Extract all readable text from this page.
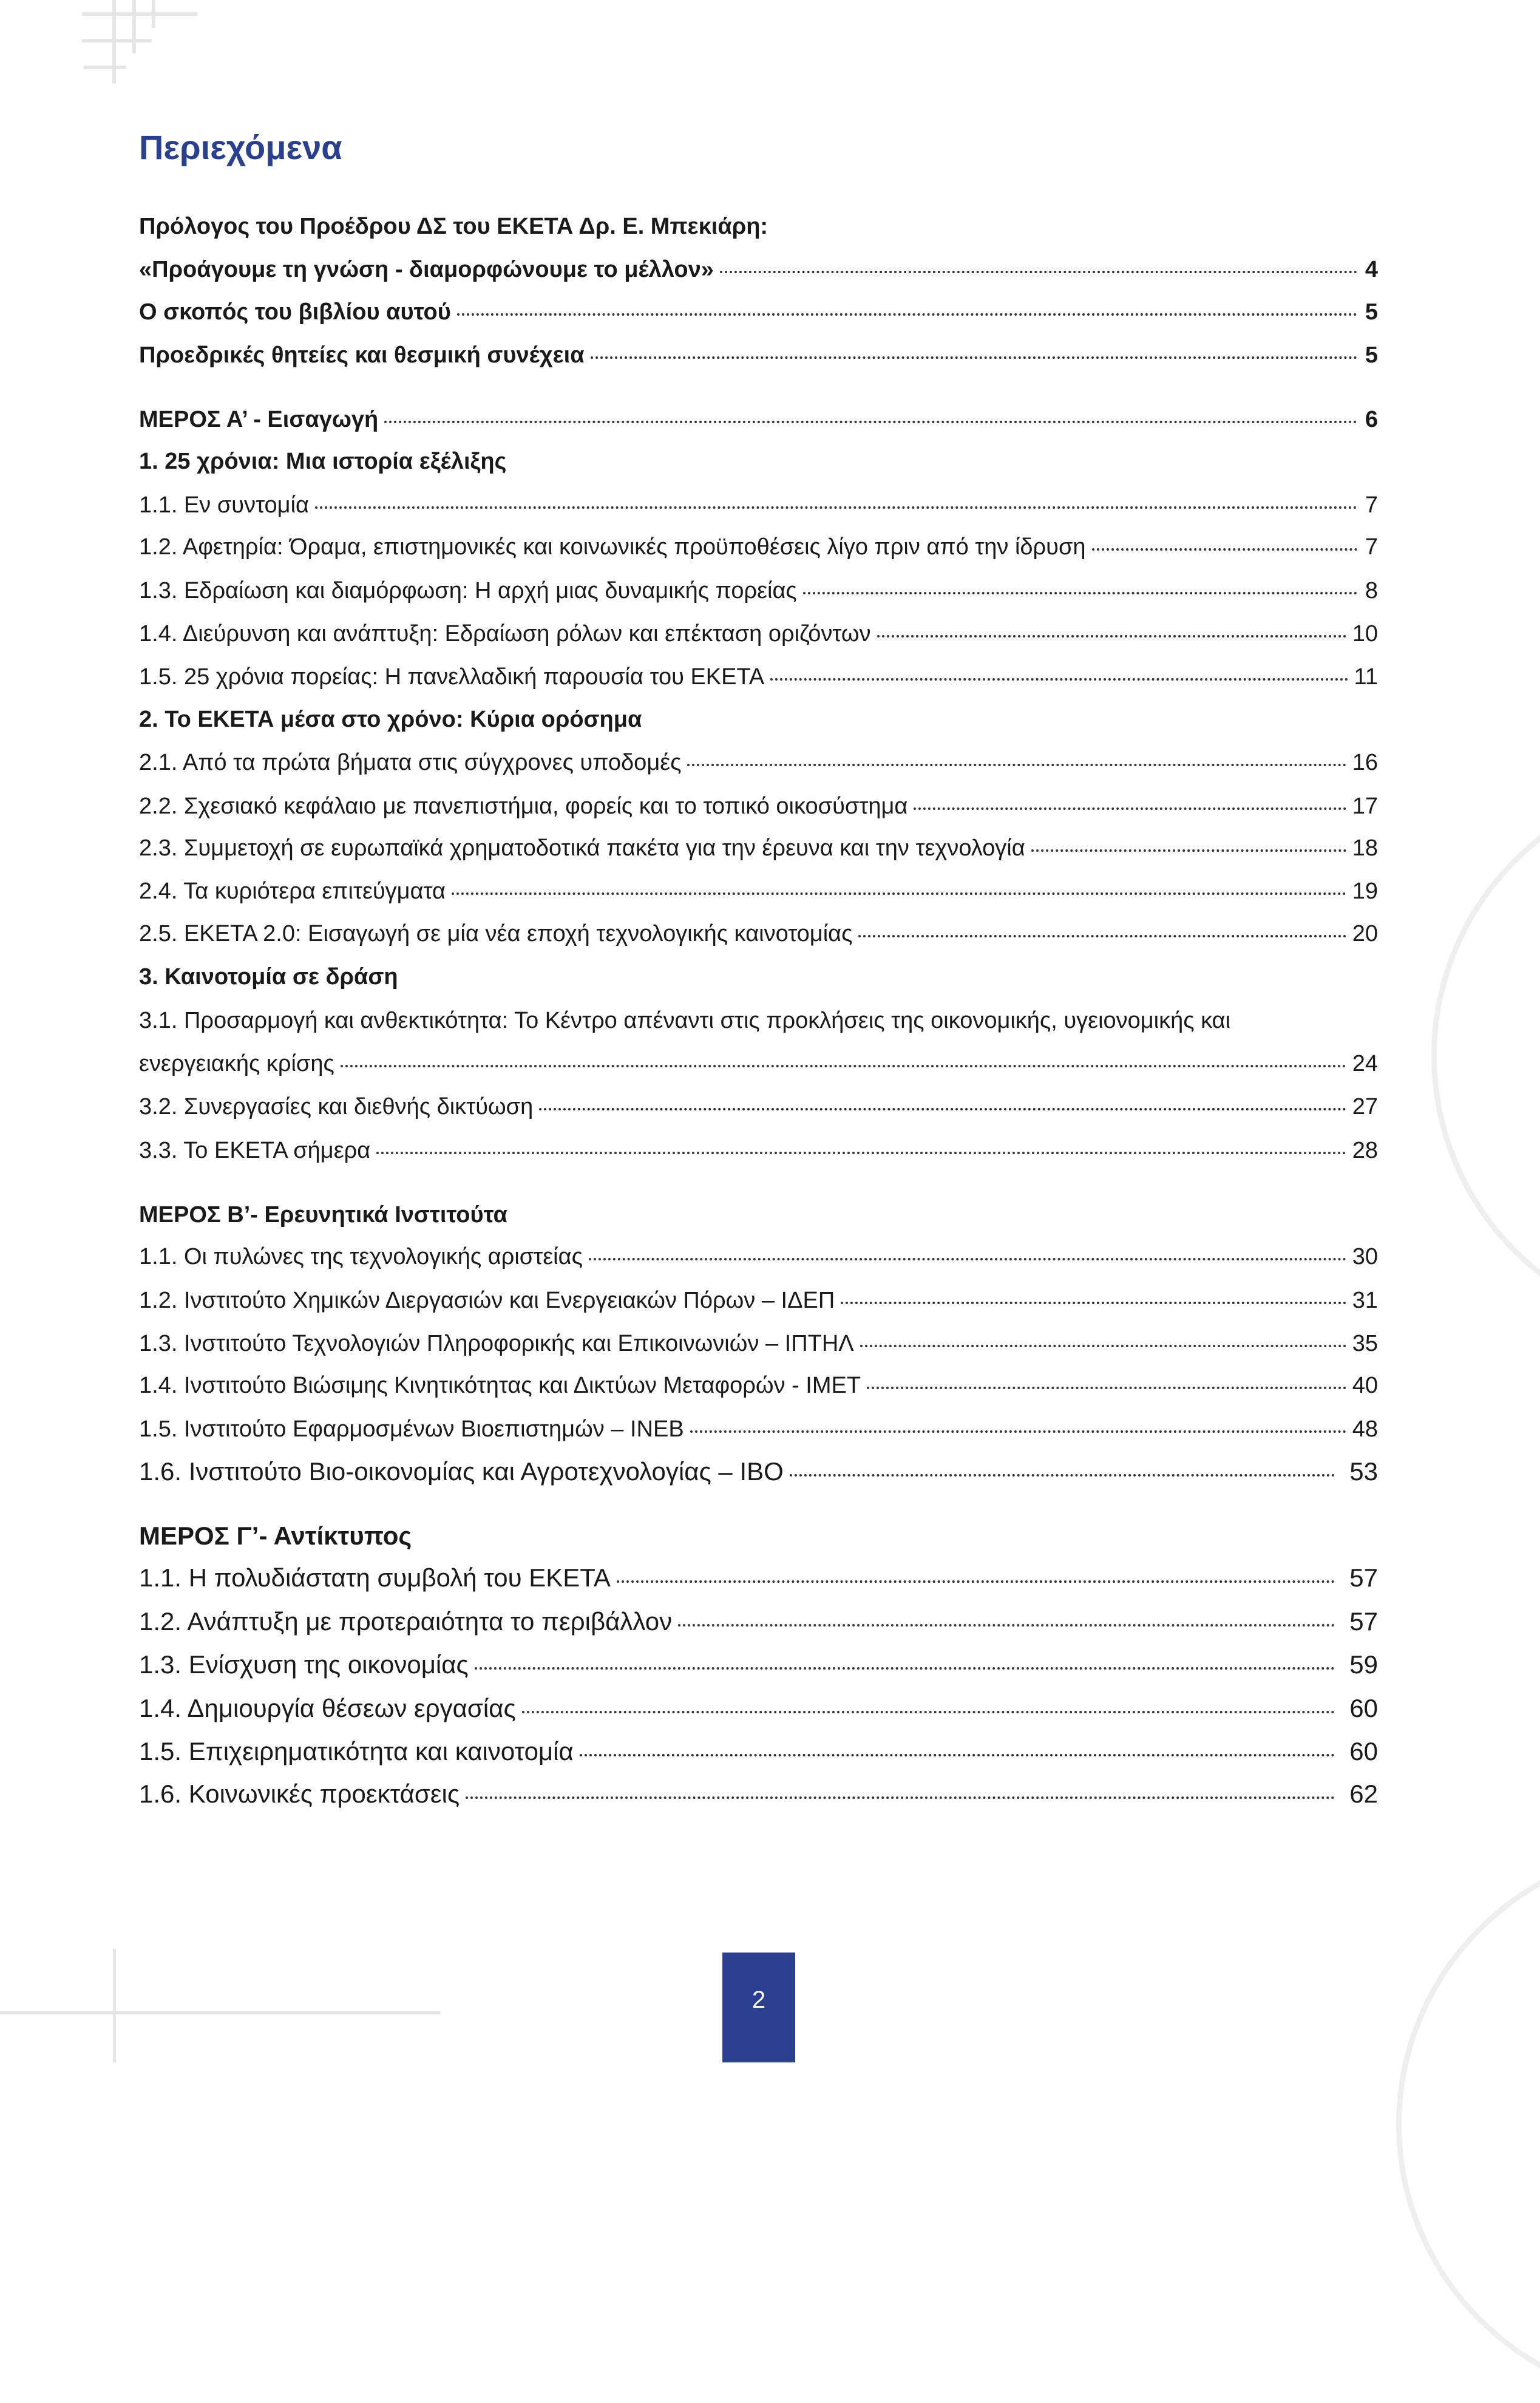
Περιεχόμενα
Πρόλογος του Προέδρου ΔΣ του ΕΚΕΤΑ Δρ. Ε. Μπεκιάρη:
«Προάγουμε τη γνώση - διαμορφώνουμε το μέλλον»	4
Ο σκοπός του βιβλίου αυτού	5
Προεδρικές θητείες και θεσμική συνέχεια	5
ΜΕΡΟΣ Α’ - Εισαγωγή	6
1. 25 χρόνια: Μια ιστορία εξέλιξης
1.1. Εν συντομία	7
1.2. Αφετηρία: Όραμα, επιστημονικές και κοινωνικές προϋποθέσεις λίγο πριν από την ίδρυση	7
1.3. Εδραίωση και διαμόρφωση: Η αρχή μιας δυναμικής πορείας	8
1.4. Διεύρυνση και ανάπτυξη: Εδραίωση ρόλων και επέκταση οριζόντων	10
1.5. 25 χρόνια πορείας: Η πανελλαδική παρουσία του ΕΚΕΤΑ	11
2. Το ΕΚΕΤΑ μέσα στο χρόνο: Κύρια ορόσημα
2.1. Από τα πρώτα βήματα στις σύγχρονες υποδομές	16
2.2. Σχεσιακό κεφάλαιο με πανεπιστήμια, φορείς και το τοπικό οικοσύστημα	17
2.3. Συμμετοχή σε ευρωπαϊκά χρηματοδοτικά πακέτα για την έρευνα και την τεχνολογία	18
2.4. Τα κυριότερα επιτεύγματα	19
2.5. ΕΚΕΤΑ 2.0: Εισαγωγή σε μία νέα εποχή τεχνολογικής καινοτομίας	20
3. Καινοτομία σε δράση
3.1. Προσαρμογή και ανθεκτικότητα: Το Κέντρο απέναντι στις προκλήσεις της οικονομικής, υγειονομικής και
ενεργειακής κρίσης	24
3.2. Συνεργασίες και διεθνής δικτύωση	27
3.3. Το ΕΚΕΤΑ σήμερα	28
ΜΕΡΟΣ Β’- Ερευνητικά Ινστιτούτα
1.1. Οι πυλώνες της τεχνολογικής αριστείας	30
1.2. Ινστιτούτο Χημικών Διεργασιών και Ενεργειακών Πόρων – ΙΔΕΠ	31
1.3. Ινστιτούτο Τεχνολογιών Πληροφορικής και Επικοινωνιών – ΙΠΤΗΛ	35
1.4. Ινστιτούτο Βιώσιμης Κινητικότητας και Δικτύων Μεταφορών - ΙΜΕΤ	40
1.5. Ινστιτούτο Εφαρμοσμένων Βιοεπιστημών – ΙΝΕΒ	48
1.6. Ινστιτούτο Βιο-οικονομίας και Αγροτεχνολογίας – ΙΒΟ	53
ΜΕΡΟΣ Γ’- Αντίκτυπος
1.1. Η πολυδιάστατη συμβολή του ΕΚΕΤΑ	57
1.2. Ανάπτυξη με προτεραιότητα το περιβάλλον	57
1.3. Ενίσχυση της οικονομίας	59
1.4. Δημιουργία θέσεων εργασίας	60
1.5. Επιχειρηματικότητα και καινοτομία	60
1.6. Κοινωνικές προεκτάσεις	62
2
